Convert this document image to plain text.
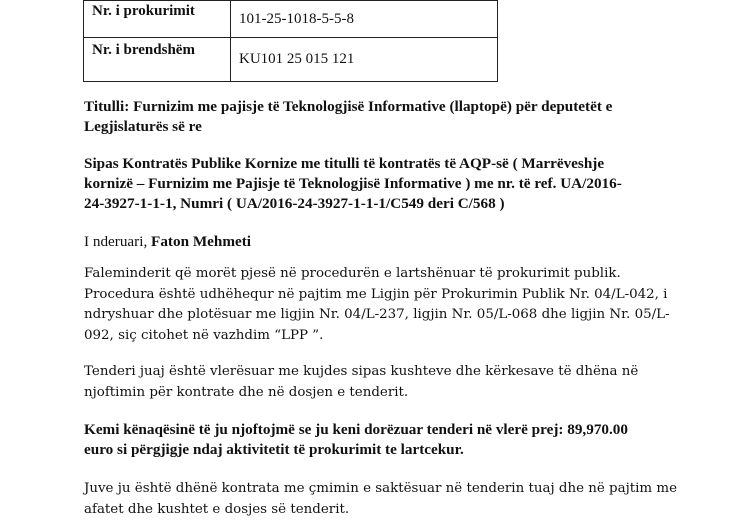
Nr. i prokurimit	101-25-1018-5-5-8
Nr. i brendshëm	KU101 25 015 121

Titulli: Furnizim me pajisje të Teknologjisë Informative (llaptopë) për deputetët e
Legjislaturës së re

Sipas Kontratës Publike Kornize me titulli të kontratës të AQP-së ( Marrëveshje
kornizë – Furnizim me Pajisje të Teknologjisë Informative ) me nr. të ref. UA/2016-
24-3927-1-1-1, Numri ( UA/2016-24-3927-1-1-1/C549 deri C/568 )

I nderuari, Faton Mehmeti

Faleminderit që morët pjesë në procedurën e lartshënuar të prokurimit publik.
Procedura është udhëhequr në pajtim me Ligjin për Prokurimin Publik Nr. 04/L-042, i
ndryshuar dhe plotësuar me ligjin Nr. 04/L-237, ligjin Nr. 05/L-068 dhe ligjin Nr. 05/L-
092, siç citohet në vazhdim “LPP ”.

Tenderi juaj është vlerësuar me kujdes sipas kushteve dhe kërkesave të dhëna në
njoftimin për kontrate dhe në dosjen e tenderit.

Kemi kënaqësinë të ju njoftojmë se ju keni dorëzuar tenderi në vlerë prej: 89,970.00
euro si përgjigje ndaj aktivitetit të prokurimit te lartcekur.

Juve ju është dhënë kontrata me çmimin e saktësuar në tenderin tuaj dhe në pajtim me
afatet dhe kushtet e dosjes së tenderit.
